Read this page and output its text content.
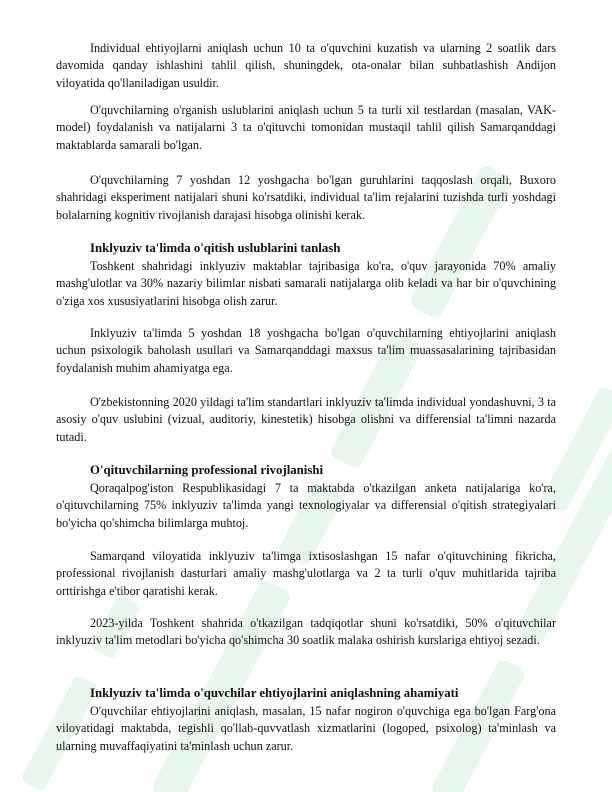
Individual ehtiyojlarni aniqlash uchun 10 ta o'quvchini kuzatish va ularning 2 soatlik dars davomida qanday ishlashini tahlil qilish, shuningdek, ota-onalar bilan suhbatlashish Andijon viloyatida qo'llaniladigan usuldir.

O'quvchilarning o'rganish uslublarini aniqlash uchun 5 ta turli xil testlardan (masalan, VAK-model) foydalanish va natijalarni 3 ta o'qituvchi tomonidan mustaqil tahlil qilish Samarqanddagi maktablarda samarali bo'lgan.

O'quvchilarning 7 yoshdan 12 yoshgacha bo'lgan guruhlarini taqqoslash orqali, Buxoro shahridagi eksperiment natijalari shuni ko'rsatdiki, individual ta'lim rejalarini tuzishda turli yoshdagi bolalarning kognitiv rivojlanish darajasi hisobga olinishi kerak.

Inklyuziv ta'limda o'qitish uslublarini tanlash

Toshkent shahridagi inklyuziv maktablar tajribasiga ko'ra, o'quv jarayonida 70% amaliy mashg'ulotlar va 30% nazariy bilimlar nisbati samarali natijalarga olib keladi va har bir o'quvchining o'ziga xos xususiyatlarini hisobga olish zarur.

Inklyuziv ta'limda 5 yoshdan 18 yoshgacha bo'lgan o'quvchilarning ehtiyojlarini aniqlash uchun psixologik baholash usullari va Samarqanddagi maxsus ta'lim muassasalarining tajribasidan foydalanish muhim ahamiyatga ega.

O'zbekistonning 2020 yildagi ta'lim standartlari inklyuziv ta'limda individual yondashuvni, 3 ta asosiy o'quv uslubini (vizual, auditoriy, kinestetik) hisobga olishni va differensial ta'limni nazarda tutadi.

O'qituvchilarning professional rivojlanishi

Qoraqalpog'iston Respublikasidagi 7 ta maktabda o'tkazilgan anketa natijalariga ko'ra, o'qituvchilarning 75% inklyuziv ta'limda yangi texnologiyalar va differensial o'qitish strategiyalari bo'yicha qo'shimcha bilimlarga muhtoj.

Samarqand viloyatida inklyuziv ta'limga ixtisoslashgan 15 nafar o'qituvchining fikricha, professional rivojlanish dasturlari amaliy mashg'ulotlarga va 2 ta turli o'quv muhitlarida tajriba orttirishga e'tibor qaratishi kerak.

2023-yilda Toshkent shahrida o'tkazilgan tadqiqotlar shuni ko'rsatdiki, 50% o'qituvchilar inklyuziv ta'lim metodlari bo'yicha qo'shimcha 30 soatlik malaka oshirish kurslariga ehtiyoj sezadi.

Inklyuziv ta'limda o'quvchilar ehtiyojlarini aniqlashning ahamiyati

O'quvchilar ehtiyojlarini aniqlash, masalan, 15 nafar nogiron o'quvchiga ega bo'lgan Farg'ona viloyatidagi maktabda, tegishli qo'llab-quvvatlash xizmatlarini (logoped, psixolog) ta'minlash va ularning muvaffaqiyatini ta'minlash uchun zarur.
